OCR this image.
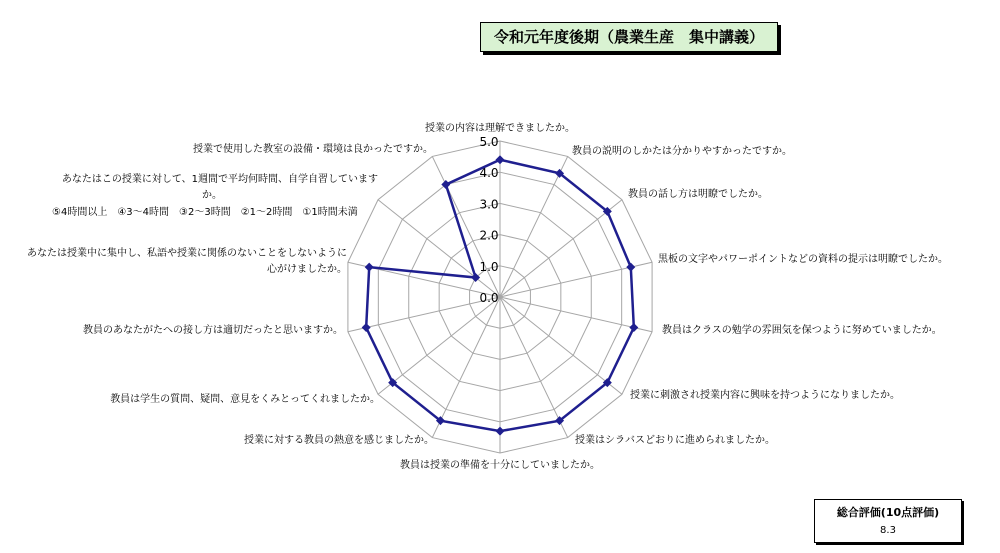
令和元年度後期（農業生産　集中講義）
0.0
1.0
2.0
3.0
4.0
5.0
授業の内容は理解できましたか。
教員の説明のしかたは分かりやすかったですか。
教員の話し方は明瞭でしたか。
黒板の文字やパワーポイントなどの資料の提示は明瞭でしたか。
教員はクラスの勉学の雰囲気を保つように努めていましたか。
授業に刺激され授業内容に興味を持つようになりましたか。
授業はシラバスどおりに進められましたか。
教員は授業の準備を十分にしていましたか。
授業に対する教員の熱意を感じましたか。
教員は学生の質問、疑問、意見をくみとってくれましたか。
教員のあなたがたへの接し方は適切だったと思いますか。
あなたは授業中に集中し、私語や授業に関係のないことをしないように心がけましたか。
あなたはこの授業に対して、1週間で平均何時間、自学自習していますか。
授業で使用した教室の設備・環境は良かったですか。
⑤4時間以上　④3～4時間　③2～3時間　②1～2時間　①1時間未満
総合評価(10点評価)
8.3
